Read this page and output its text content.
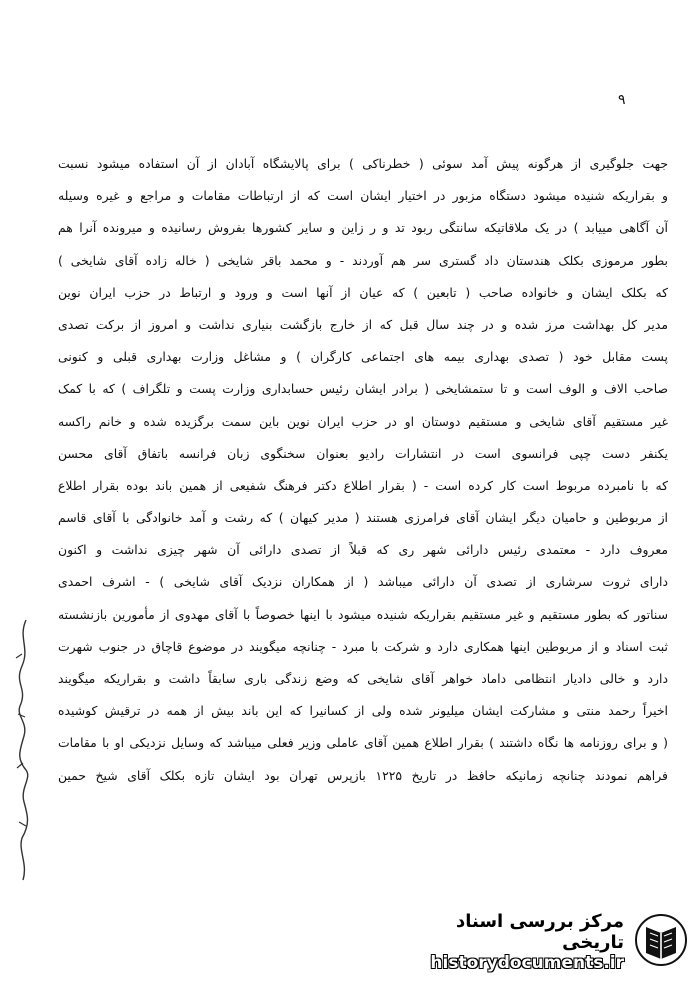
۹
جهت جلوگیری از هرگونه پیش آمد سوئی ( خطرناکی ) برای پالایشگاه آبادان از آن استفاده میشود نسبت
و بقراریکه شنیده میشود دستگاه مزبور در اختیار ایشان است که از ارتباطات مقامات و مراجع و غیره وسیله
آن آگاهی مییابد ) در یک ملاقاتیکه سانتگی ربود تد و ر زاین و سایر کشورها بفروش رسانیده و میرونده آنرا هم
بطور مرموزی بکلک هندستان داد گستری سر هم آوردند - و محمد باقر شایخی ( خاله زاده آقای شایخی )
که بکلک ایشان و خانواده صاحب ( تابعین ) که عیان از آنها است و ورود و ارتباط در حزب ایران نوین
مدیر کل بهداشت مرز شده و در چند سال قبل که از خارج بازگشت بنیاری نداشت و امروز از برکت تصدی
پست مقابل خود ( تصدی بهداری بیمه های اجتماعی کارگران ) و مشاغل وزارت بهداری قبلی و کنونی
صاحب الاف و الوف است و تا ستمشایخی ( برادر ایشان رئیس حسابداری وزارت پست و تلگراف ) که با کمک
غیر مستقیم آقای شایخی و مستقیم دوستان او در حزب ایران نوین باین سمت برگزیده شده و خانم راکسه
یکنفر دست چپی فرانسوی است در انتشارات رادیو بعنوان سخنگوی زبان فرانسه باتفاق آقای محسن
که با نامبرده مربوط است کار کرده است - ( بقرار اطلاع دکتر فرهنگ شفیعی از همین باند بوده بقرار اطلاع
از مربوطین و حامیان دیگر ایشان آقای فرامرزی هستند ( مدیر کیهان ) که رشت و آمد خانوادگی با آقای قاسم
معروف دارد - معتمدی رئیس دارائی شهر ری که قبلاً از تصدی دارائی آن شهر چیزی نداشت و اکنون
دارای ثروت سرشاری از تصدی آن دارائی میباشد ( از همکاران نزدیک آقای شایخی ) - اشرف احمدی
سناتور که بطور مستقیم و غیر مستقیم بقراریکه شنیده میشود با اینها خصوصاً با آقای مهدوی از مأمورین بازنشسته
ثبت اسناد و از مربوطین اینها همکاری دارد و شرکت با مبرد - چنانچه میگویند در موضوع قاچاق در جنوب شهرت
دارد و خالی دادیار انتظامی داماد خواهر آقای شایخی که وضع زندگی باری سابقاً داشت و بقراریکه میگویند
اخیراً رحمد منتی و مشارکت ایشان میلیونر شده ولی از کسانیرا که این باند بیش از همه در ترقیش کوشیده
( و برای روزنامه ها نگاه داشتند ) بقرار اطلاع همین آقای عاملی وزیر فعلی میباشد که وسایل نزدیکی او با مقامات
فراهم نمودند چنانچه زمانیکه حافظ در تاریخ ۱۲۲۵ بازپرس تهران بود ایشان تازه بکلک آقای شیخ حمین
مرکز بررسی اسناد تاریخی
historydocuments.ir
